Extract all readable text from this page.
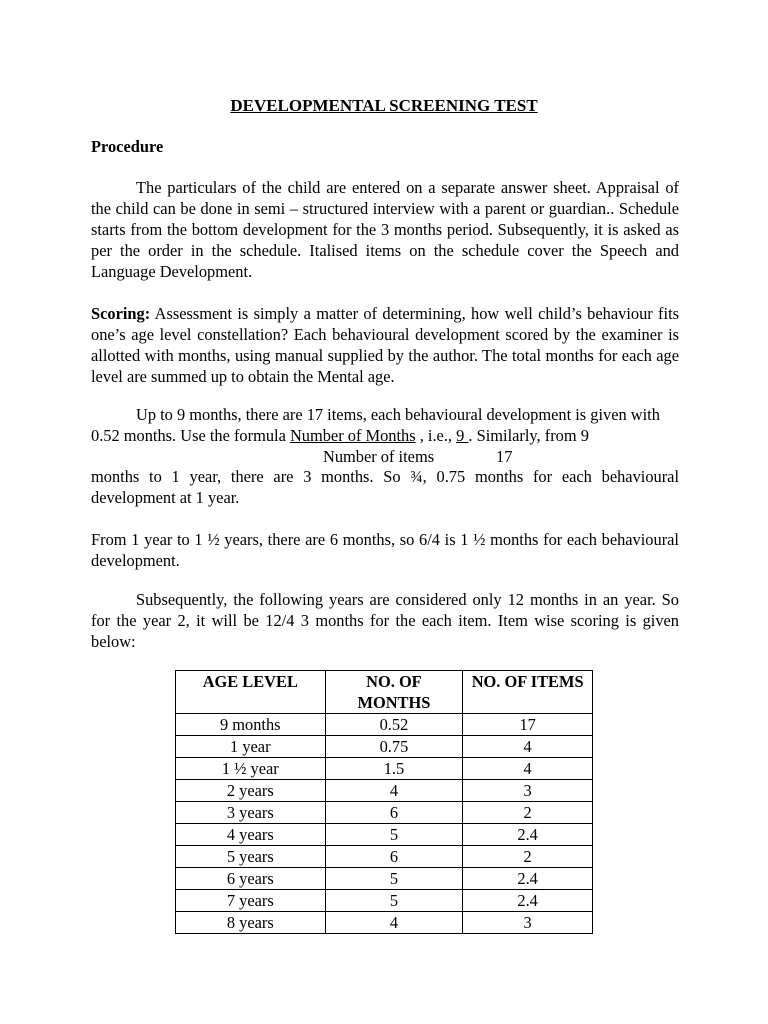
DEVELOPMENTAL SCREENING TEST
Procedure

The particulars of the child are entered on a separate answer sheet. Appraisal of the child can be done in semi – structured interview with a parent or guardian.. Schedule starts from the bottom development for the 3 months period. Subsequently, it is asked as per the order in the schedule. Italised items on the schedule cover the Speech and Language Development.

Scoring: Assessment is simply a matter of determining, how well child’s behaviour fits one’s age level constellation? Each behavioural development scored by the examiner is allotted with months, using manual supplied by the author. The total months for each age level are summed up to obtain the Mental age.

Up to 9 months, there are 17 items, each behavioural development is given with 0.52 months. Use the formula Number of Months , i.e., 9 . Similarly, from 9

Number of items	17

months to 1 year, there are 3 months. So ¾, 0.75 months for each behavioural development at 1 year.

From 1 year to 1 ½ years, there are 6 months, so 6/4 is 1 ½ months for each behavioural development.

Subsequently, the following years are considered only 12 months in an year. So for the year 2, it will be 12/4 3 months for the each item. Item wise scoring is given below:

AGE LEVEL	NO. OF MONTHS	NO. OF ITEMS
9 months	0.52	17
1 year	0.75	4
1 ½ year	1.5	4
2 years	4	3
3 years	6	2
4 years	5	2.4
5 years	6	2
6 years	5	2.4
7 years	5	2.4
8 years	4	3
